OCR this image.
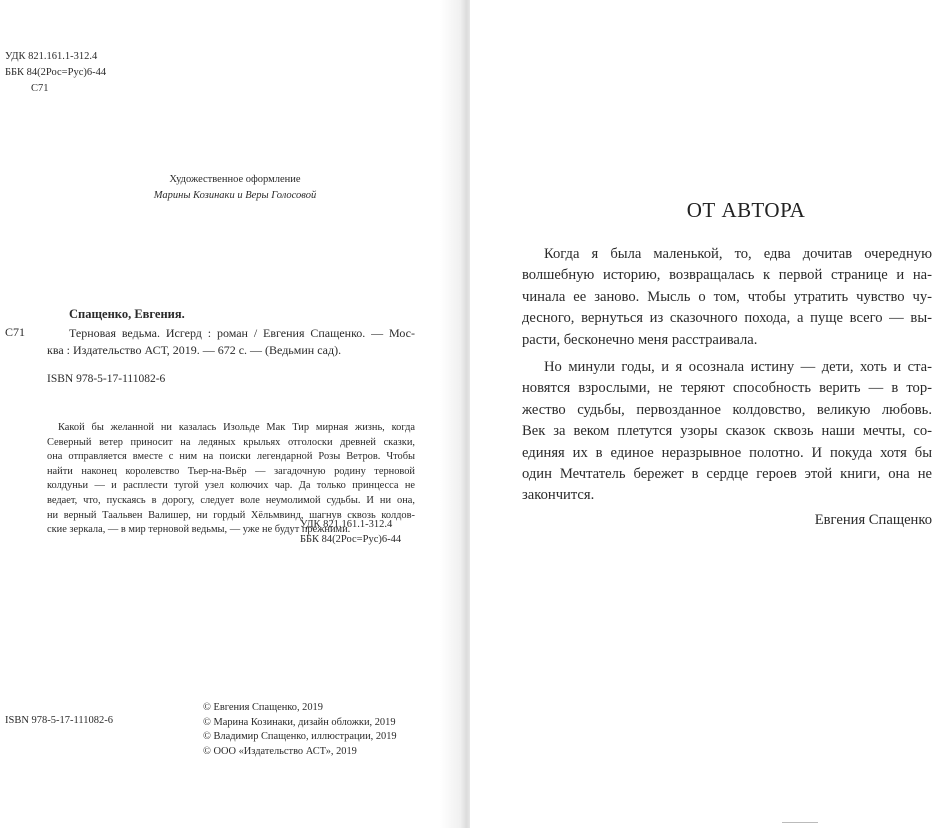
УДК 821.161.1-312.4
ББК 84(2Рос=Рус)6-44
С71
Художественное оформление
Марины Козинаки и Веры Голосовой
Спащенко, Евгения.
С71	Терновая ведьма. Исгерд : роман / Евгения Спащенко. — Мос-
ква : Издательство АСТ, 2019. — 672 с. — (Ведьмин сад).
ISBN 978-5-17-111082-6
Какой бы желанной ни казалась Изольде Мак Тир мирная жизнь, когда
Северный ветер приносит на ледяных крыльях отголоски древней сказки,
она отправляется вместе с ним на поиски легендарной Розы Ветров. Чтобы
найти наконец королевство Тьер-на-Вьёр — загадочную родину терновой
колдуньи — и расплести тугой узел колючих чар. Да только принцесса не
ведает, что, пускаясь в дорогу, следует воле неумолимой судьбы. И ни она,
ни верный Таальвен Валишер, ни гордый Хёльмвинд, шагнув сквозь колдов-
ские зеркала, — в мир терновой ведьмы, — уже не будут прежними.
УДК 821.161.1-312.4
ББК 84(2Рос=Рус)6-44
ISBN 978-5-17-111082-6
© Евгения Спащенко, 2019
© Марина Козинаки, дизайн обложки, 2019
© Владимир Спащенко, иллюстрации, 2019
© ООО «Издательство АСТ», 2019
ОТ АВТОРА
Когда я была маленькой, то, едва дочитав очередную
волшебную историю, возвращалась к первой странице и на-
чинала ее заново. Мысль о том, чтобы утратить чувство чу-
десного, вернуться из сказочного похода, а пуще всего — вы-
расти, бесконечно меня расстраивала.
Но минули годы, и я осознала истину — дети, хоть и ста-
новятся взрослыми, не теряют способность верить — в тор-
жество судьбы, первозданное колдовство, великую любовь.
Век за веком плетутся узоры сказок сквозь наши мечты, со-
единяя их в единое неразрывное полотно. И покуда хотя бы
один Мечтатель бережет в сердце героев этой книги, она не
закончится.
Евгения Спащенко
